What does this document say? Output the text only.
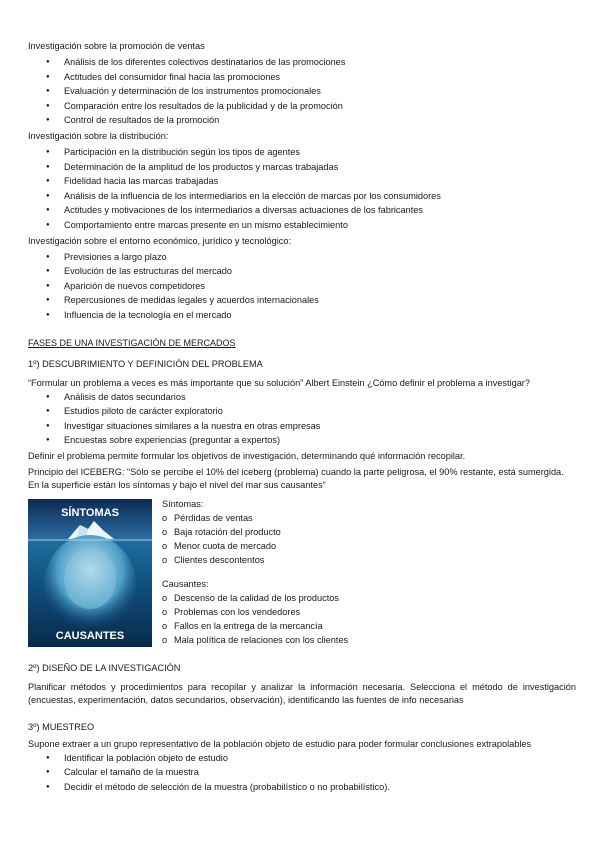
Investigación sobre la promoción de ventas

● Análisis de los diferentes colectivos destinatarios de las promociones
● Actitudes del consumidor final hacia las promociones
● Evaluación y determinación de los instrumentos promocionales
● Comparación entre los resultados de la publicidad y de la promoción
● Control de resultados de la promoción

Investigación sobre la distribución:

● Participación en la distribución según los tipos de agentes
● Determinación de la amplitud de los productos y marcas trabajadas
● Fidelidad hacia las marcas trabajadas
● Análisis de la influencia de los intermediarios en la elección de marcas por los consumidores
● Actitudes y motivaciones de los intermediarios a diversas actuaciones de los fabricantes
● Comportamiento entre marcas presente en un mismo establecimiento

Investigación sobre el entorno económico, jurídico y tecnológico:

● Previsiones a largo plazo
● Evolución de las estructuras del mercado
● Aparición de nuevos competidores
● Repercusiones de medidas legales y acuerdos internacionales
● Influencia de la tecnología en el mercado

FASES DE UNA INVESTIGACIÓN DE MERCADOS

1º) DESCUBRIMIENTO Y DEFINICIÓN DEL PROBLEMA

“Formular un problema a veces es más importante que su solución” Albert Einstein ¿Cómo definir el problema a investigar?

● Análisis de datos secundarios
● Estudios piloto de carácter exploratorio
● Investigar situaciones similares a la nuestra en otras empresas
● Encuestas sobre experiencias (preguntar a expertos)

Definir el problema permite formular los objetivos de investigación, determinando qué información recopilar.

Principio del ICEBERG: “Sólo se percibe el 10% del iceberg (problema) cuando la parte peligrosa, el 90% restante, está sumergida. En la superficie están los síntomas y bajo el nivel del mar sus causantes”

SÍNTOMAS
CAUSANTES

Síntomas:

o Pérdidas de ventas
o Baja rotación del producto
o Menor cuota de mercado
o Clientes descontentos

Causantes:

o Descenso de la calidad de los productos
o Problemas con los vendedores
o Fallos en la entrega de la mercancía
o Mala política de relaciones con los clientes

2º) DISEÑO DE LA INVESTIGACIÓN

Planificar métodos y procedimientos para recopilar y analizar la información necesaria. Selecciona el método de investigación (encuestas, experimentación, datos secundarios, observación), identificando las fuentes de info necesarias

3º) MUESTREO

Supone extraer a un grupo representativo de la población objeto de estudio para poder formular conclusiones extrapolables

● Identificar la población objeto de estudio
● Calcular el tamaño de la muestra
● Decidir el método de selección de la muestra (probabilístico o no probabilístico).
